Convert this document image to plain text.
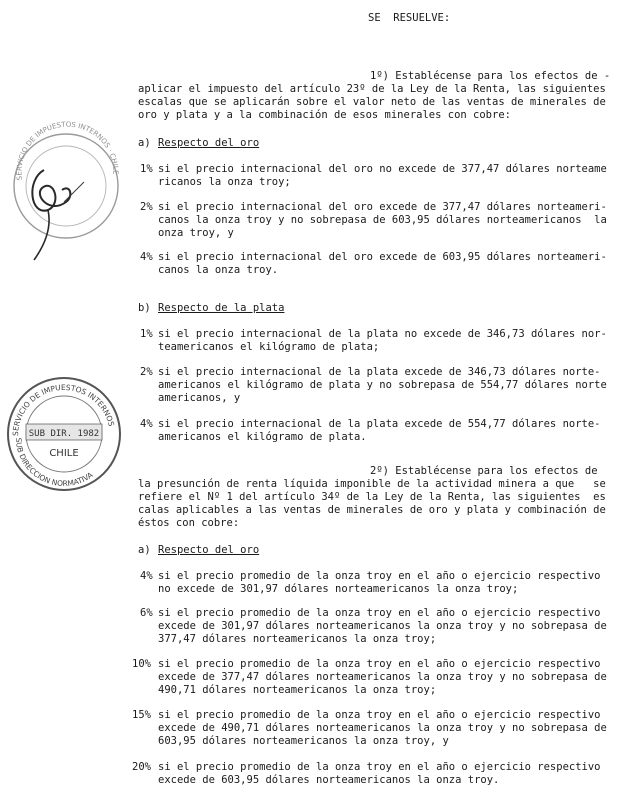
SE  RESUELVE:
1º) Establécense para los efectos de -
aplicar el impuesto del artículo 23º de la Ley de la Renta, las siguientes
escalas que se aplicarán sobre el valor neto de las ventas de minerales de
oro y plata y a la combinación de esos minerales con cobre:
a) Respecto del oro
1% si el precio internacional del oro no excede de 377,47 dólares norteame
ricanos la onza troy;
2% si el precio internacional del oro excede de 377,47 dólares norteameri-
canos la onza troy y no sobrepasa de 603,95 dólares norteamericanos  la
onza troy, y
4% si el precio internacional del oro excede de 603,95 dólares norteameri-
canos la onza troy.
b) Respecto de la plata
1% si el precio internacional de la plata no excede de 346,73 dólares nor-
teamericanos el kilógramo de plata;
2% si el precio internacional de la plata excede de 346,73 dólares norte-
americanos el kilógramo de plata y no sobrepasa de 554,77 dólares norte
americanos, y
4% si el precio internacional de la plata excede de 554,77 dólares norte-
americanos el kilógramo de plata.
2º) Establécense para los efectos de
la presunción de renta líquida imponible de la actividad minera a que   se
refiere el Nº 1 del artículo 34º de la Ley de la Renta, las siguientes  es
calas aplicables a las ventas de minerales de oro y plata y combinación de
éstos con cobre:
a) Respecto del oro
4% si el precio promedio de la onza troy en el año o ejercicio respectivo
no excede de 301,97 dólares norteamericanos la onza troy;
6% si el precio promedio de la onza troy en el año o ejercicio respectivo
excede de 301,97 dólares norteamericanos la onza troy y no sobrepasa de
377,47 dólares norteamericanos la onza troy;
10% si el precio promedio de la onza troy en el año o ejercicio respectivo
excede de 377,47 dólares norteamericanos la onza troy y no sobrepasa de
490,71 dólares norteamericanos la onza troy;
15% si el precio promedio de la onza troy en el año o ejercicio respectivo
excede de 490,71 dólares norteamericanos la onza troy y no sobrepasa de
603,95 dólares norteamericanos la onza troy, y
20% si el precio promedio de la onza troy en el año o ejercicio respectivo
excede de 603,95 dólares norteamericanos la onza troy.
SERVICIO DE IMPUESTOS INTERNOS · CHILE
SERVICIO DE IMPUESTOS INTERNOS
SUB DIRECCION NORMATIVA
SUB DIR. 1982
CHILE
